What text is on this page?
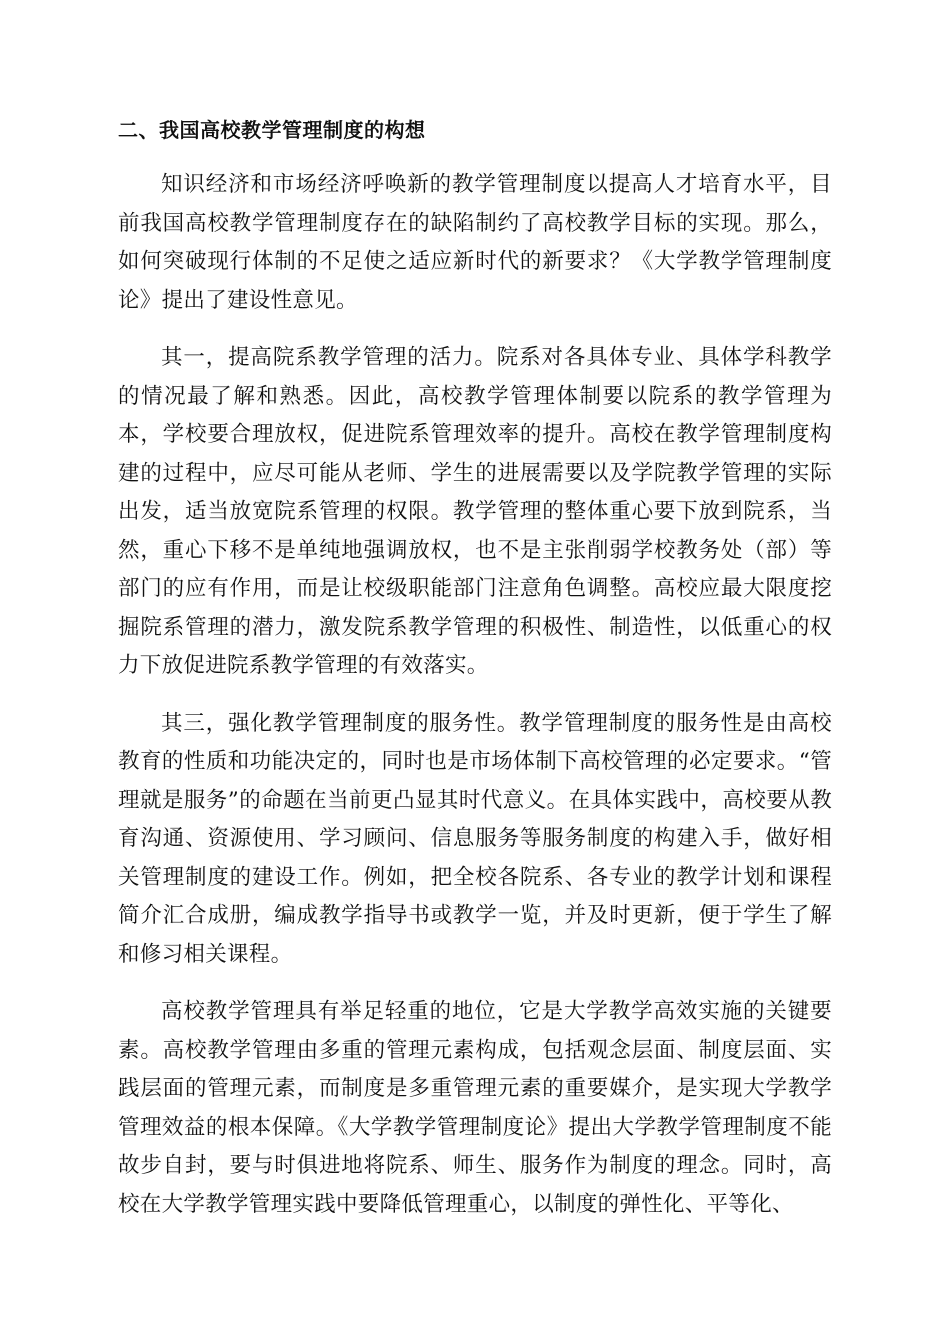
二、我国高校教学管理制度的构想

知识经济和市场经济呼唤新的教学管理制度以提高人才培育水平，目前我国高校教学管理制度存在的缺陷制约了高校教学目标的实现。那么，如何突破现行体制的不足使之适应新时代的新要求？《大学教学管理制度论》提出了建设性意见。

其一，提高院系教学管理的活力。院系对各具体专业、具体学科教学的情况最了解和熟悉。因此，高校教学管理体制要以院系的教学管理为本，学校要合理放权，促进院系管理效率的提升。高校在教学管理制度构建的过程中，应尽可能从老师、学生的进展需要以及学院教学管理的实际出发，适当放宽院系管理的权限。教学管理的整体重心要下放到院系，当然，重心下移不是单纯地强调放权，也不是主张削弱学校教务处（部）等部门的应有作用，而是让校级职能部门注意角色调整。高校应最大限度挖掘院系管理的潜力，激发院系教学管理的积极性、制造性，以低重心的权力下放促进院系教学管理的有效落实。

其三，强化教学管理制度的服务性。教学管理制度的服务性是由高校教育的性质和功能决定的，同时也是市场体制下高校管理的必定要求。“管理就是服务”的命题在当前更凸显其时代意义。在具体实践中，高校要从教育沟通、资源使用、学习顾问、信息服务等服务制度的构建入手，做好相关管理制度的建设工作。例如，把全校各院系、各专业的教学计划和课程简介汇合成册，编成教学指导书或教学一览，并及时更新，便于学生了解和修习相关课程。

高校教学管理具有举足轻重的地位，它是大学教学高效实施的关键要素。高校教学管理由多重的管理元素构成，包括观念层面、制度层面、实践层面的管理元素，而制度是多重管理元素的重要媒介，是实现大学教学管理效益的根本保障。《大学教学管理制度论》提出大学教学管理制度不能故步自封，要与时俱进地将院系、师生、服务作为制度的理念。同时，高校在大学教学管理实践中要降低管理重心，以制度的弹性化、平等化、
